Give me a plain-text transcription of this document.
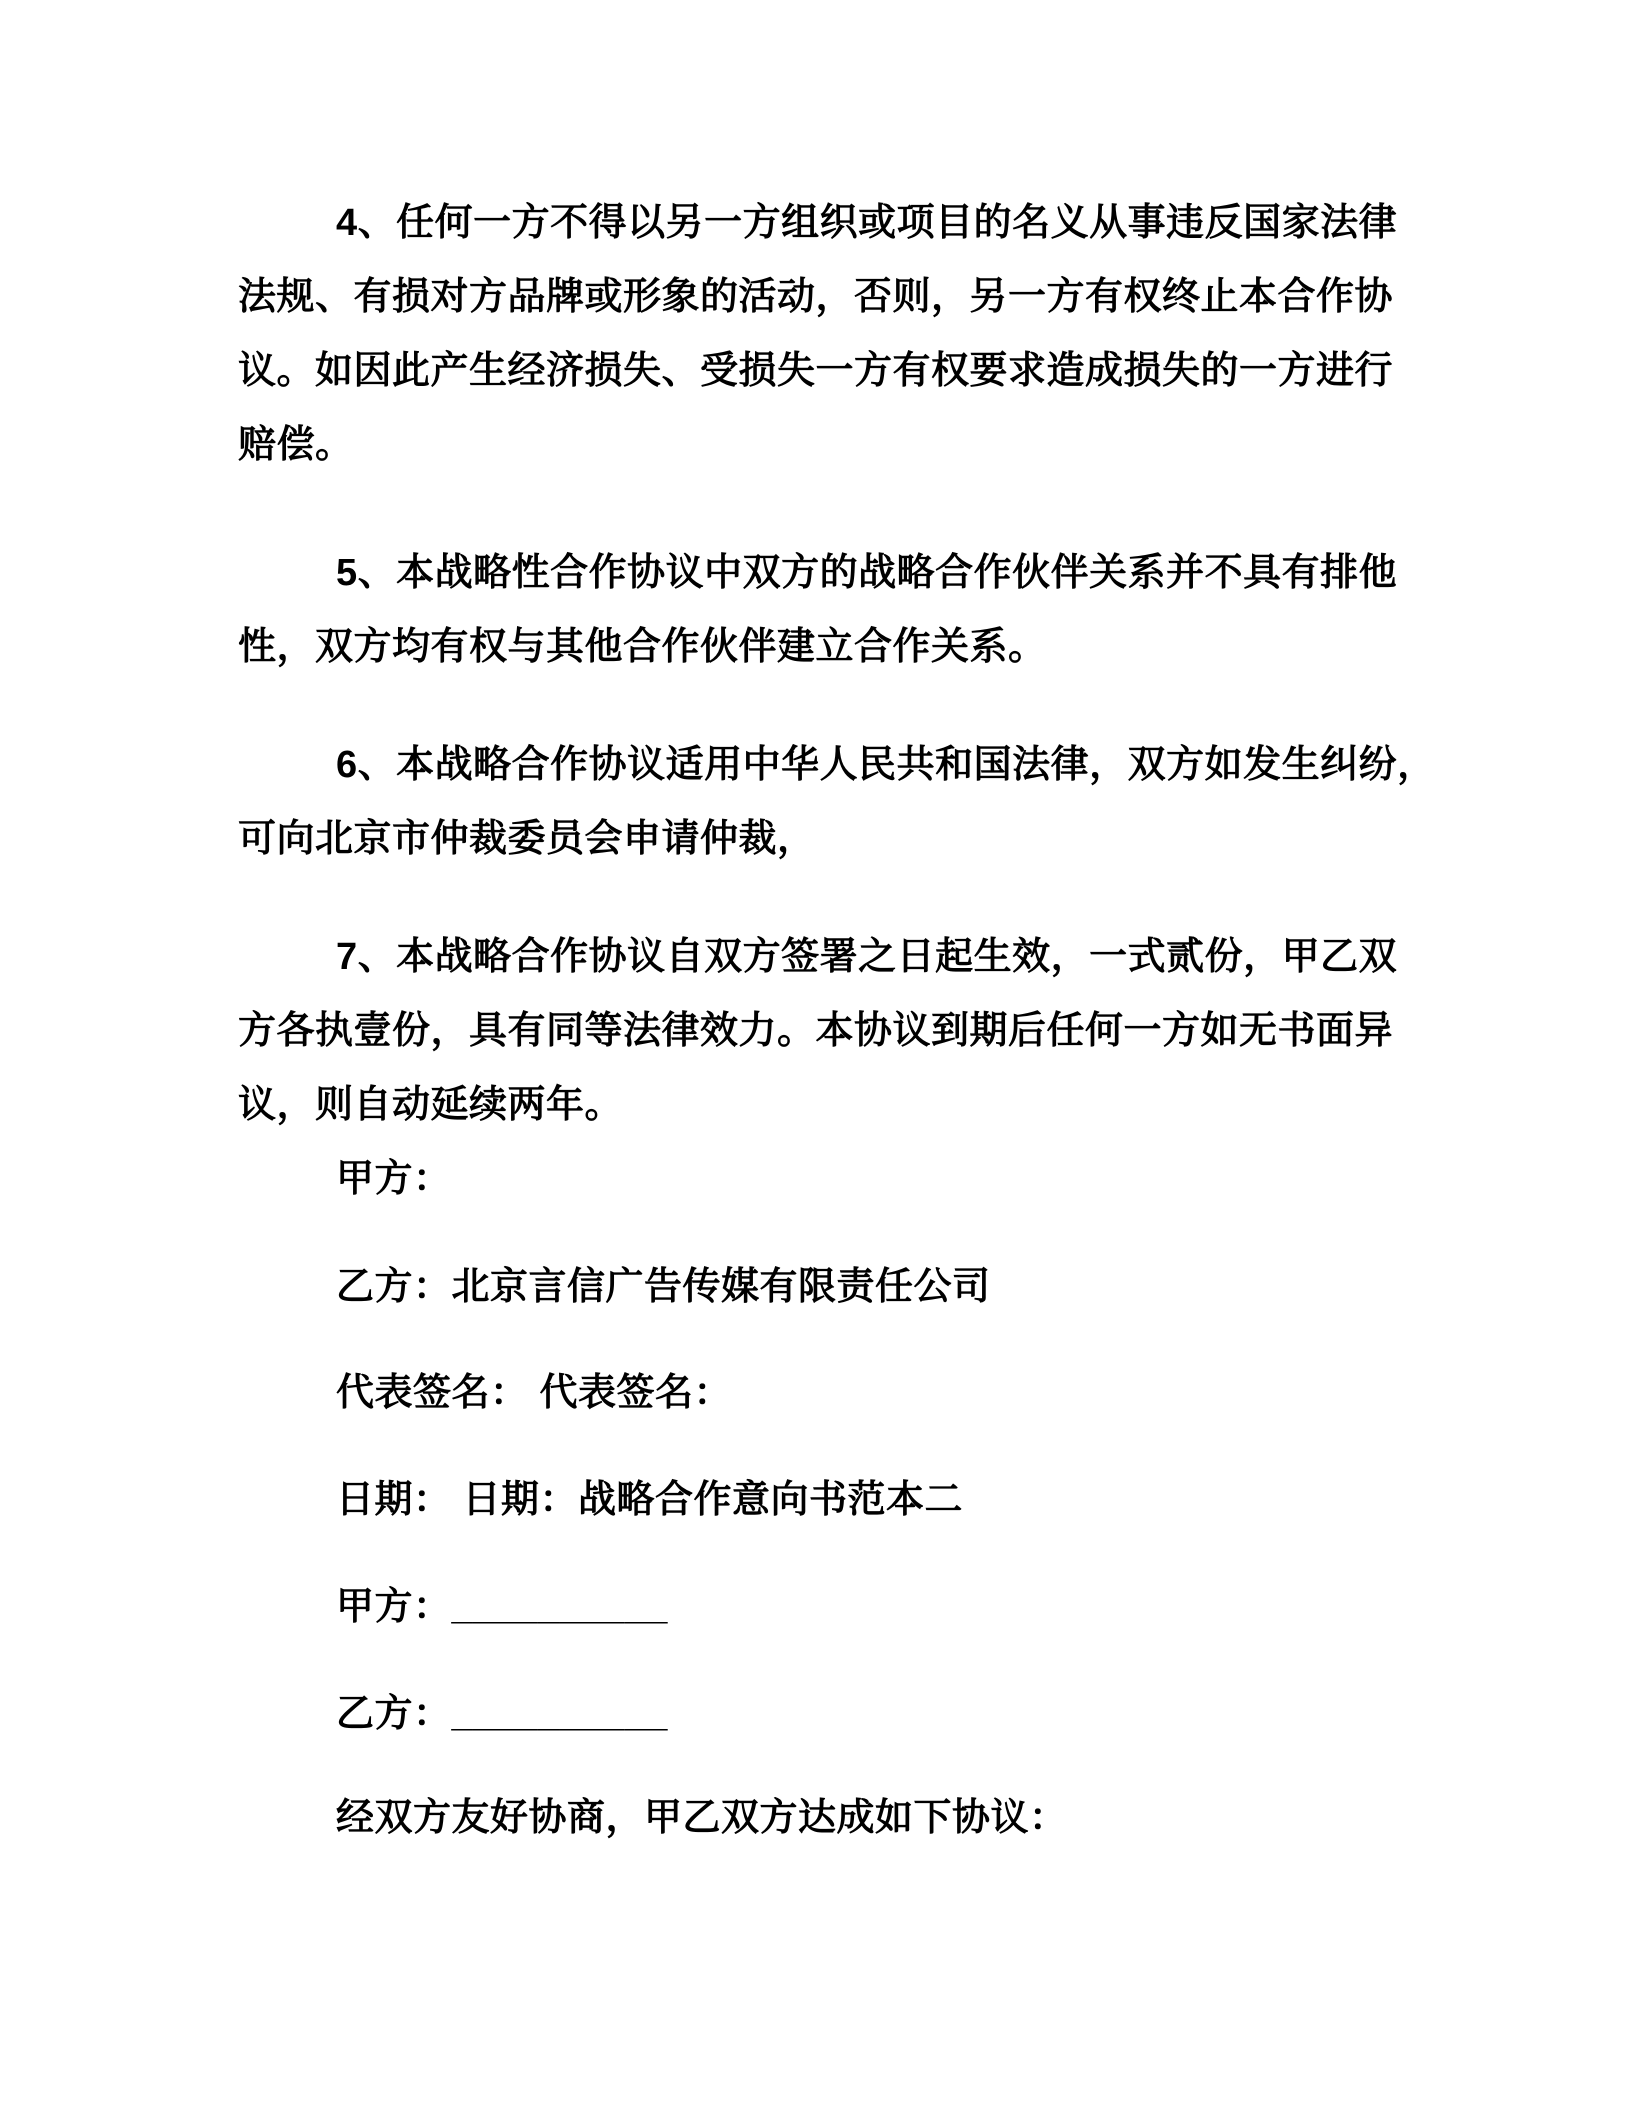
4、任何一方不得以另一方组织或项目的名义从事违反国家法律
法规、有损对方品牌或形象的活动，否则，另一方有权终止本合作协
议。如因此产生经济损失、受损失一方有权要求造成损失的一方进行
赔偿。
5、本战略性合作协议中双方的战略合作伙伴关系并不具有排他
性，双方均有权与其他合作伙伴建立合作关系。
6、本战略合作协议适用中华人民共和国法律，双方如发生纠纷，
可向北京市仲裁委员会申请仲裁，
7、本战略合作协议自双方签署之日起生效，一式贰份，甲乙双
方各执壹份，具有同等法律效力。本协议到期后任何一方如无书面异
议，则自动延续两年。
甲方：
乙方：北京言信广告传媒有限责任公司
代表签名： 代表签名：
日期： 日期：战略合作意向书范本二
甲方：__________
乙方：__________
经双方友好协商，甲乙双方达成如下协议：
